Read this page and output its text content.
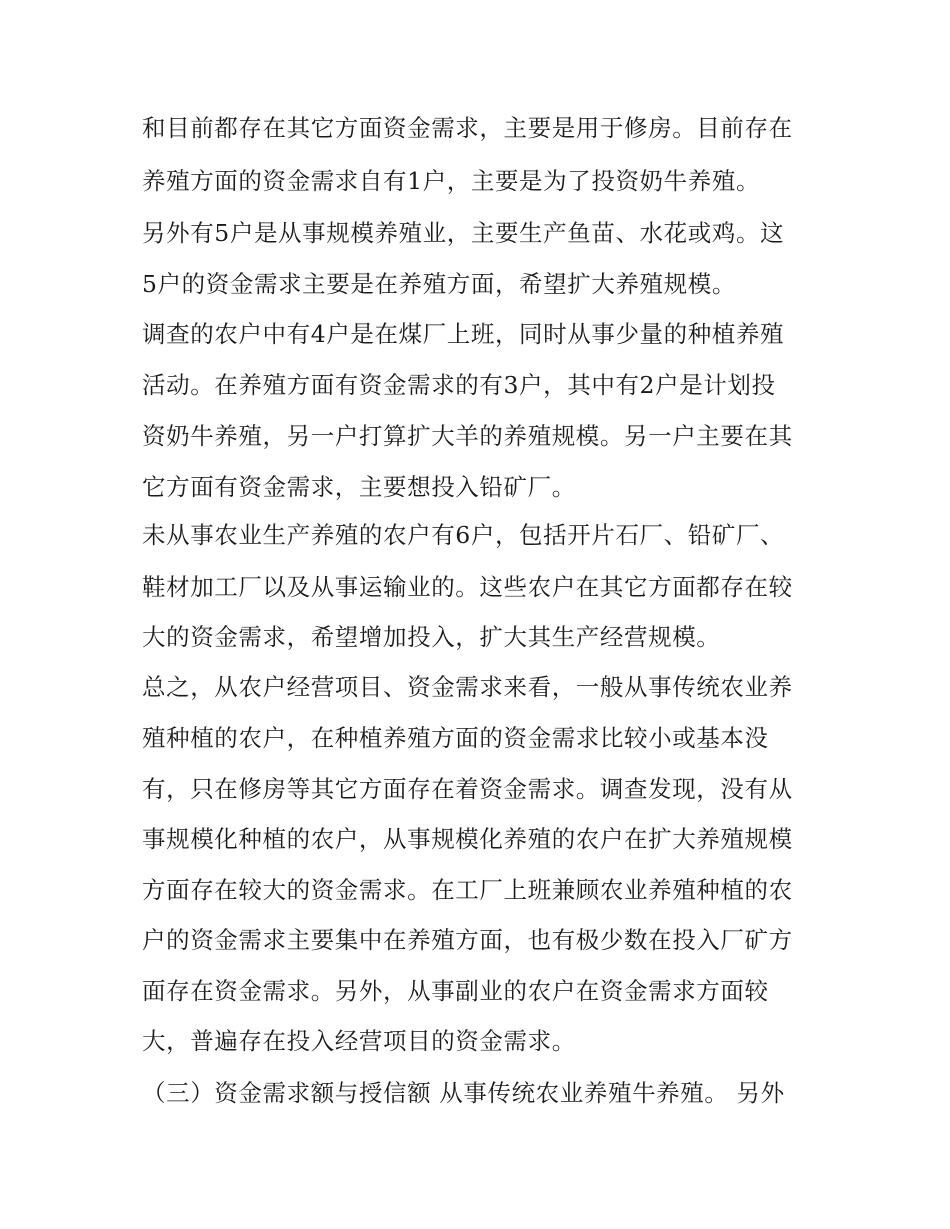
和目前都存在其它方面资金需求，主要是用于修房。目前存在
养殖方面的资金需求自有1户，主要是为了投资奶牛养殖。
另外有5户是从事规模养殖业，主要生产鱼苗、水花或鸡。这
5户的资金需求主要是在养殖方面，希望扩大养殖规模。
调查的农户中有4户是在煤厂上班，同时从事少量的种植养殖
活动。在养殖方面有资金需求的有3户，其中有2户是计划投
资奶牛养殖，另一户打算扩大羊的养殖规模。另一户主要在其
它方面有资金需求，主要想投入铅矿厂。
未从事农业生产养殖的农户有6户，包括开片石厂、铅矿厂、
鞋材加工厂以及从事运输业的。这些农户在其它方面都存在较
大的资金需求，希望增加投入，扩大其生产经营规模。
总之，从农户经营项目、资金需求来看，一般从事传统农业养
殖种植的农户，在种植养殖方面的资金需求比较小或基本没
有，只在修房等其它方面存在着资金需求。调查发现，没有从
事规模化种植的农户，从事规模化养殖的农户在扩大养殖规模
方面存在较大的资金需求。在工厂上班兼顾农业养殖种植的农
户的资金需求主要集中在养殖方面，也有极少数在投入厂矿方
面存在资金需求。另外，从事副业的农户在资金需求方面较
大，普遍存在投入经营项目的资金需求。
（三）资金需求额与授信额 从事传统农业养殖牛养殖。 另外
